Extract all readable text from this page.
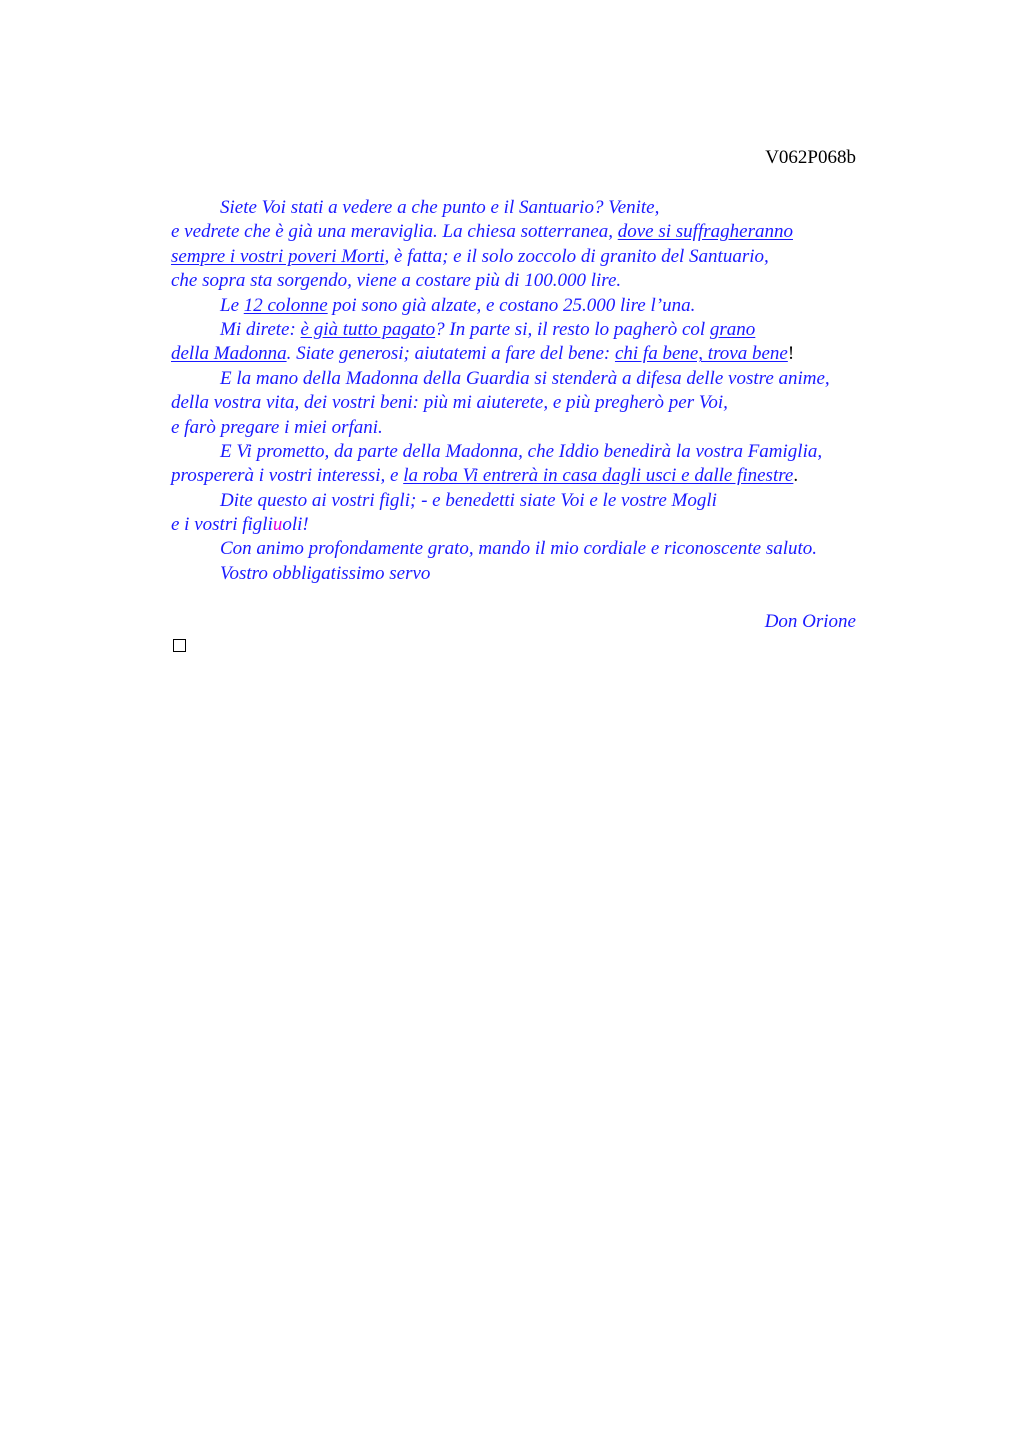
V062P068b
Siete Voi stati a vedere a che punto e il Santuario? Venite,
e vedrete che è già una meraviglia. La chiesa sotterranea, dove si suffragheranno
sempre i vostri poveri Morti, è fatta; e il solo zoccolo di granito del Santuario,
che sopra sta sorgendo, viene a costare più di 100.000 lire.
Le 12 colonne poi sono già alzate, e costano 25.000 lire l’una.
Mi direte: è già tutto pagato? In parte si, il resto lo pagherò col grano
della Madonna. Siate generosi; aiutatemi a fare del bene: chi fa bene, trova bene!
E la mano della Madonna della Guardia si stenderà a difesa delle vostre anime,
della vostra vita, dei vostri beni: più mi aiuterete, e più pregherò per Voi,
e farò pregare i miei orfani.
E Vi prometto, da parte della Madonna, che Iddio benedirà la vostra Famiglia,
prospererà i vostri interessi, e la roba Vi entrerà in casa dagli usci e dalle finestre.
Dite questo ai vostri figli; - e benedetti siate Voi e le vostre Mogli
e i vostri figliuoli!
Con animo profondamente grato, mando il mio cordiale e riconoscente saluto.
Vostro obbligatissimo servo
Don Orione
